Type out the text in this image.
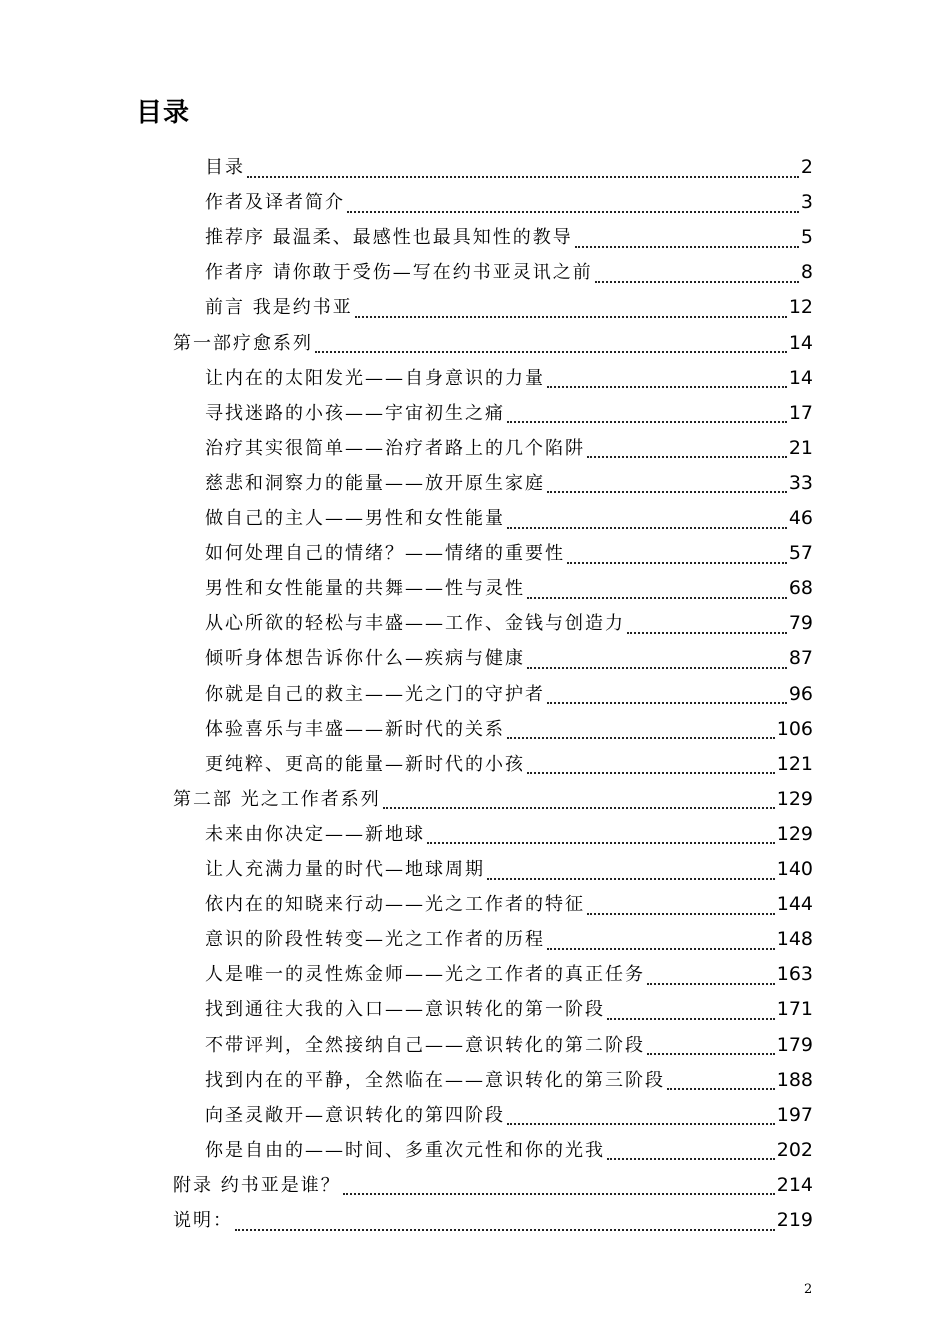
目录
目录	2
作者及译者简介	3
推荐序 最温柔、最感性也最具知性的教导	5
作者序 请你敢于受伤—写在约书亚灵讯之前	8
前言 我是约书亚	12
第一部疗愈系列	14
让内在的太阳发光——自身意识的力量	14
寻找迷路的小孩——宇宙初生之痛	17
治疗其实很简单——治疗者路上的几个陷阱	21
慈悲和洞察力的能量——放开原生家庭	33
做自己的主人——男性和女性能量	46
如何处理自己的情绪？——情绪的重要性	57
男性和女性能量的共舞——性与灵性	68
从心所欲的轻松与丰盛——工作、金钱与创造力	79
倾听身体想告诉你什么—疾病与健康	87
你就是自己的救主——光之门的守护者	96
体验喜乐与丰盛——新时代的关系	106
更纯粹、更高的能量—新时代的小孩	121
第二部 光之工作者系列	129
未来由你决定——新地球	129
让人充满力量的时代—地球周期	140
依内在的知晓来行动——光之工作者的特征	144
意识的阶段性转变—光之工作者的历程	148
人是唯一的灵性炼金师——光之工作者的真正任务	163
找到通往大我的入口——意识转化的第一阶段	171
不带评判，全然接纳自己——意识转化的第二阶段	179
找到内在的平静，全然临在——意识转化的第三阶段	188
向圣灵敞开—意识转化的第四阶段	197
你是自由的——时间、多重次元性和你的光我	202
附录 约书亚是谁？	214
说明：	219
2
